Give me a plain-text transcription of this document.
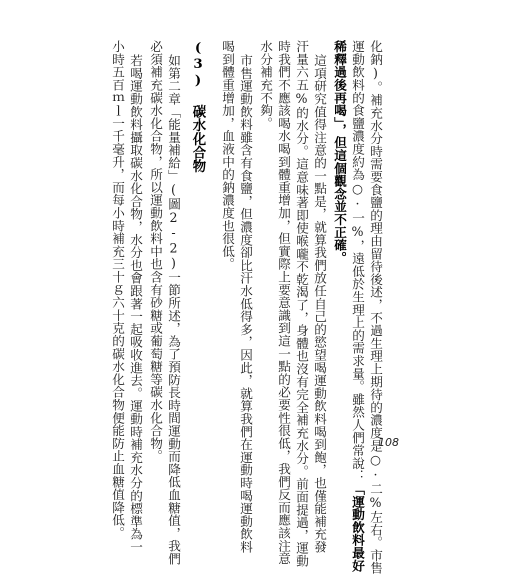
化鈉)。補充水分時需要食鹽的理由留待後述，不過生理上期待的濃度是○·二%左右。市售
運動飲料的食鹽濃度約為○·一%，遠低於生理上的需求量。雖然人們常說：「運動飲料最好
稀釋過後再喝」，但這個觀念並不正確。
這項研究值得注意的一點是，就算我們放任自己的慾望喝運動飲料喝到飽，也僅能補充發
汗量六五%的水分。這意味著即使喉嚨不乾渴了，身體也沒有完全補充水分。前面提過，運動
時我們不應該喝水喝到體重增加，但實際上要意識到這一點的必要性很低，我們反而應該注意
水分補充不夠。
市售運動飲料雖含有食鹽，但濃度卻比汗水低得多，因此，就算我們在運動時喝運動飲料
喝到體重增加，血液中的鈉濃度也很低。
(3) 碳水化合物
如第二章「能量補給」(圖2-2)一節所述，為了預防長時間運動而降低血糖值，我們
必須補充碳水化合物，所以運動飲料中也含有砂糖或葡萄糖等碳水化合物。
若喝運動飲料攝取碳水化合物，水分也會跟著一起吸收進去。運動時補充水分的標準為一
小時五百ｍｌ一千毫升，而每小時補充三十ｇ六十克的碳水化合物便能防止血糖值降低。	108
